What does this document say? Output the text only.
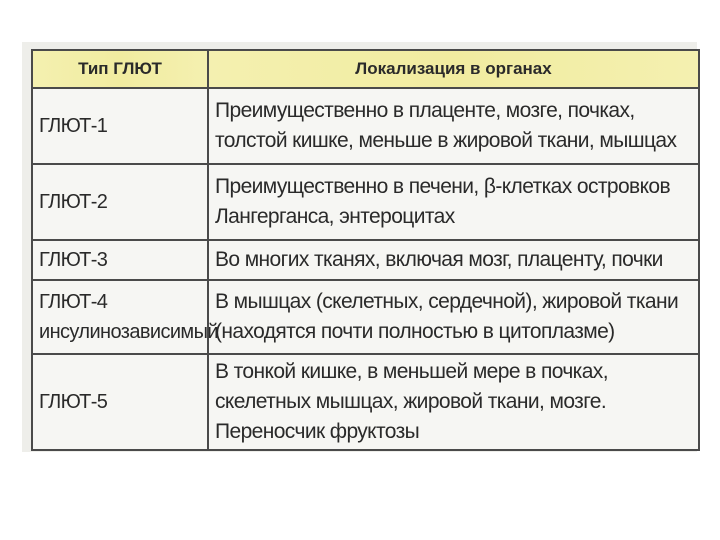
Тип ГЛЮТ	Локализация в органах
ГЛЮТ-1	Преимущественно в плаценте, мозге, почках, толстой кишке, меньше в жировой ткани, мышцах
ГЛЮТ-2	Преимущественно в печени, β-клетках островков Лангерганса, энтероцитах
ГЛЮТ-3	Во многих тканях, включая мозг, плаценту, почки
ГЛЮТ-4 инсулинозависимый	В мышцах (скелетных, сердечной), жировой ткани (находятся почти полностью в цитоплазме)
ГЛЮТ-5	В тонкой кишке, в меньшей мере в почках, скелетных мышцах, жировой ткани, мозге. Переносчик фруктозы
